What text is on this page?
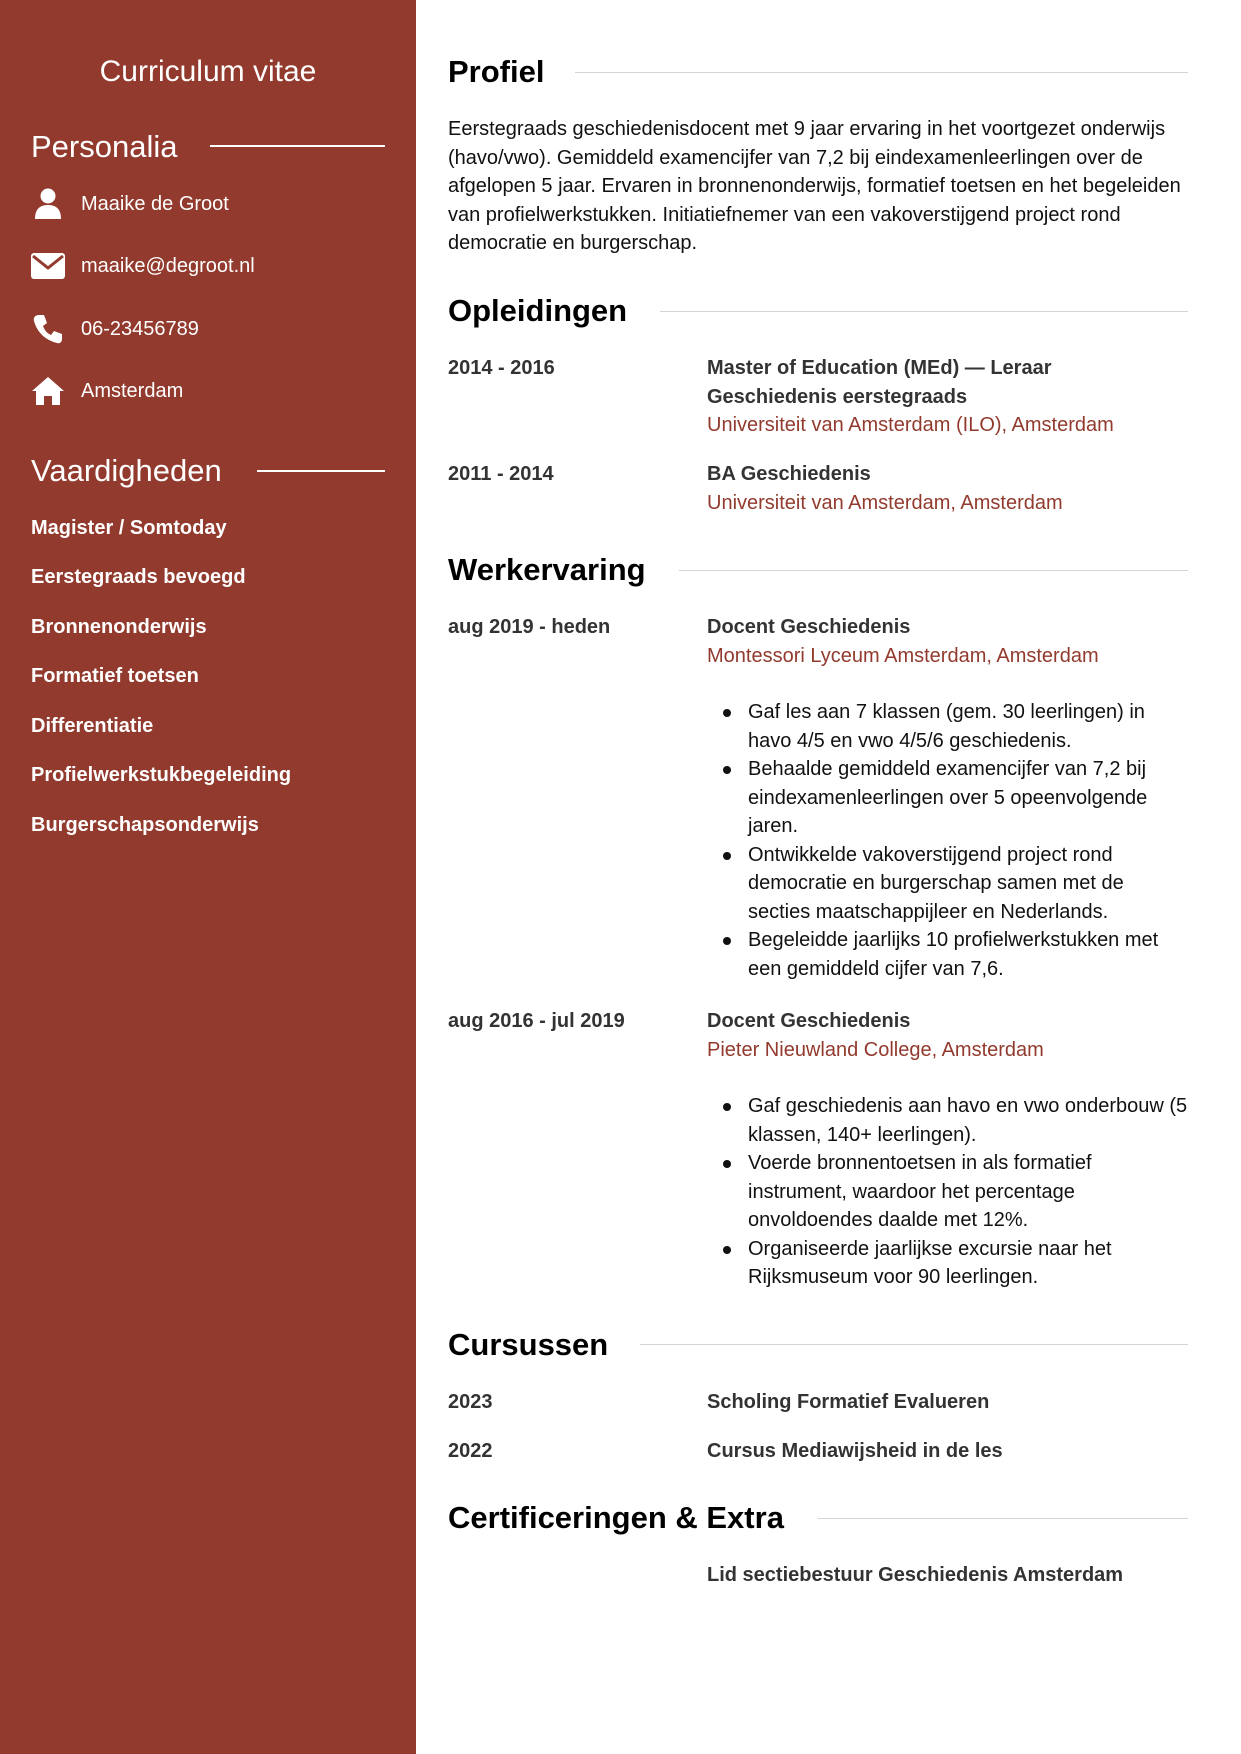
Curriculum vitae
Personalia
Maaike de Groot
maaike@degroot.nl
06-23456789
Amsterdam
Vaardigheden
Magister / Somtoday
Eerstegraads bevoegd
Bronnenonderwijs
Formatief toetsen
Differentiatie
Profielwerkstukbegeleiding
Burgerschapsonderwijs
Profiel

Eerstegraads geschiedenisdocent met 9 jaar ervaring in het voortgezet onderwijs (havo/vwo). Gemiddeld examencijfer van 7,2 bij eindexamenleerlingen over de afgelopen 5 jaar. Ervaren in bronnenonderwijs, formatief toetsen en het begeleiden van profielwerkstukken. Initiatiefnemer van een vakoverstijgend project rond democratie en burgerschap.

Opleidingen
2014 - 2016	Master of Education (MEd) — Leraar Geschiedenis eerstegraads
Universiteit van Amsterdam (ILO), Amsterdam
2011 - 2014	BA Geschiedenis
Universiteit van Amsterdam, Amsterdam
Werkervaring
aug 2019 - heden	Docent Geschiedenis
Montessori Lyceum Amsterdam, Amsterdam
Gaf les aan 7 klassen (gem. 30 leerlingen) in havo 4/5 en vwo 4/5/6 geschiedenis.
Behaalde gemiddeld examencijfer van 7,2 bij eindexamenleerlingen over 5 opeenvolgende jaren.
Ontwikkelde vakoverstijgend project rond democratie en burgerschap samen met de secties maatschappijleer en Nederlands.
Begeleidde jaarlijks 10 profielwerkstukken met een gemiddeld cijfer van 7,6.
aug 2016 - jul 2019	Docent Geschiedenis
Pieter Nieuwland College, Amsterdam
Gaf geschiedenis aan havo en vwo onderbouw (5 klassen, 140+ leerlingen).
Voerde bronnentoetsen in als formatief instrument, waardoor het percentage onvoldoendes daalde met 12%.
Organiseerde jaarlijkse excursie naar het Rijksmuseum voor 90 leerlingen.
Cursussen
2023	Scholing Formatief Evalueren
2022	Cursus Mediawijsheid in de les
Certificeringen & Extra
Lid sectiebestuur Geschiedenis Amsterdam
